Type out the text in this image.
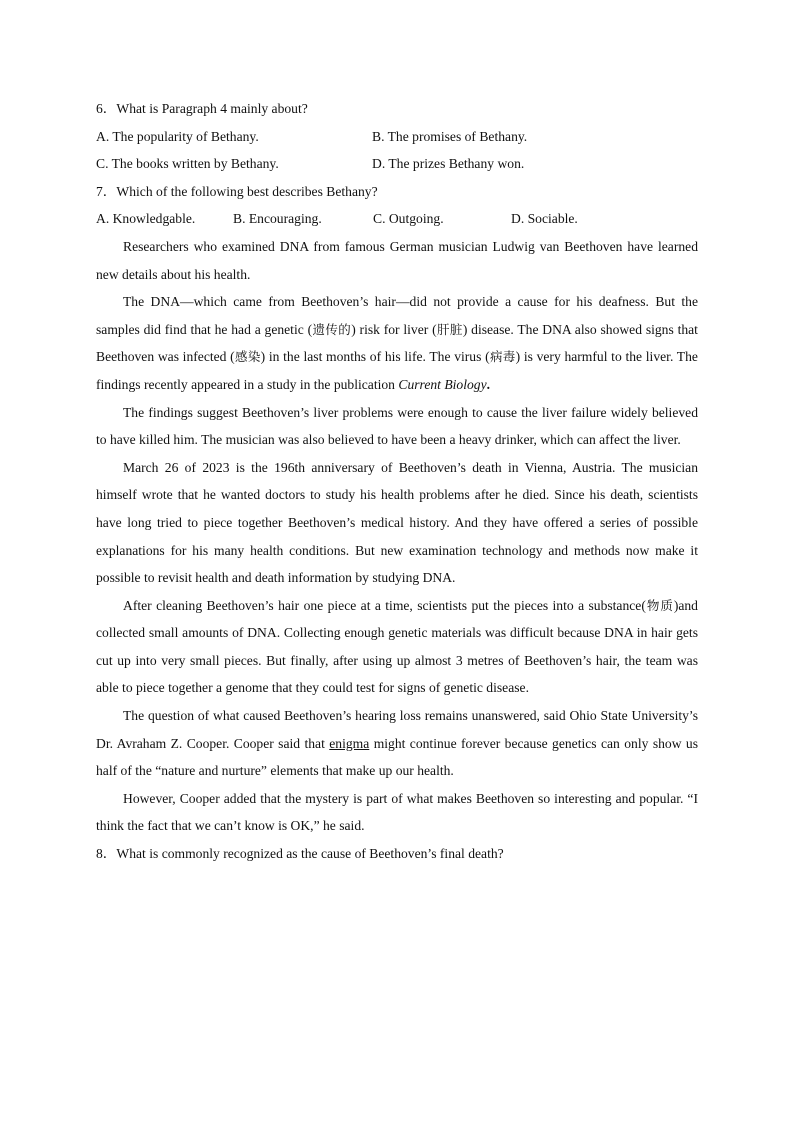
6．What is Paragraph 4 mainly about?

A. The popularity of Bethany.	B. The promises of Bethany.
C. The books written by Bethany.	D. The prizes Bethany won.

7．Which of the following best describes Bethany?

A. Knowledgable.	B. Encouraging.	C. Outgoing.	D. Sociable.

Researchers who examined DNA from famous German musician Ludwig van Beethoven have learned new details about his health.

The DNA—which came from Beethoven’s hair—did not provide a cause for his deafness. But the samples did find that he had a genetic (遗传的) risk for liver (肝脏) disease. The DNA also showed signs that Beethoven was infected (感染) in the last months of his life. The virus (病毒) is very harmful to the liver. The findings recently appeared in a study in the publication Current Biology.

The findings suggest Beethoven’s liver problems were enough to cause the liver failure widely believed to have killed him. The musician was also believed to have been a heavy drinker, which can affect the liver.

March 26 of 2023 is the 196th anniversary of Beethoven’s death in Vienna, Austria. The musician himself wrote that he wanted doctors to study his health problems after he died. Since his death, scientists have long tried to piece together Beethoven’s medical history. And they have offered a series of possible explanations for his many health conditions. But new examination technology and methods now make it possible to revisit health and death information by studying DNA.

After cleaning Beethoven’s hair one piece at a time, scientists put the pieces into a substance(物质)and collected small amounts of DNA. Collecting enough genetic materials was difficult because DNA in hair gets cut up into very small pieces. But finally, after using up almost 3 metres of Beethoven’s hair, the team was able to piece together a genome that they could test for signs of genetic disease.

The question of what caused Beethoven’s hearing loss remains unanswered, said Ohio State University’s Dr. Avraham Z. Cooper. Cooper said that enigma might continue forever because genetics can only show us half of the “nature and nurture” elements that make up our health.

However, Cooper added that the mystery is part of what makes Beethoven so interesting and popular. “I think the fact that we can’t know is OK,” he said.

8．What is commonly recognized as the cause of Beethoven’s final death?
